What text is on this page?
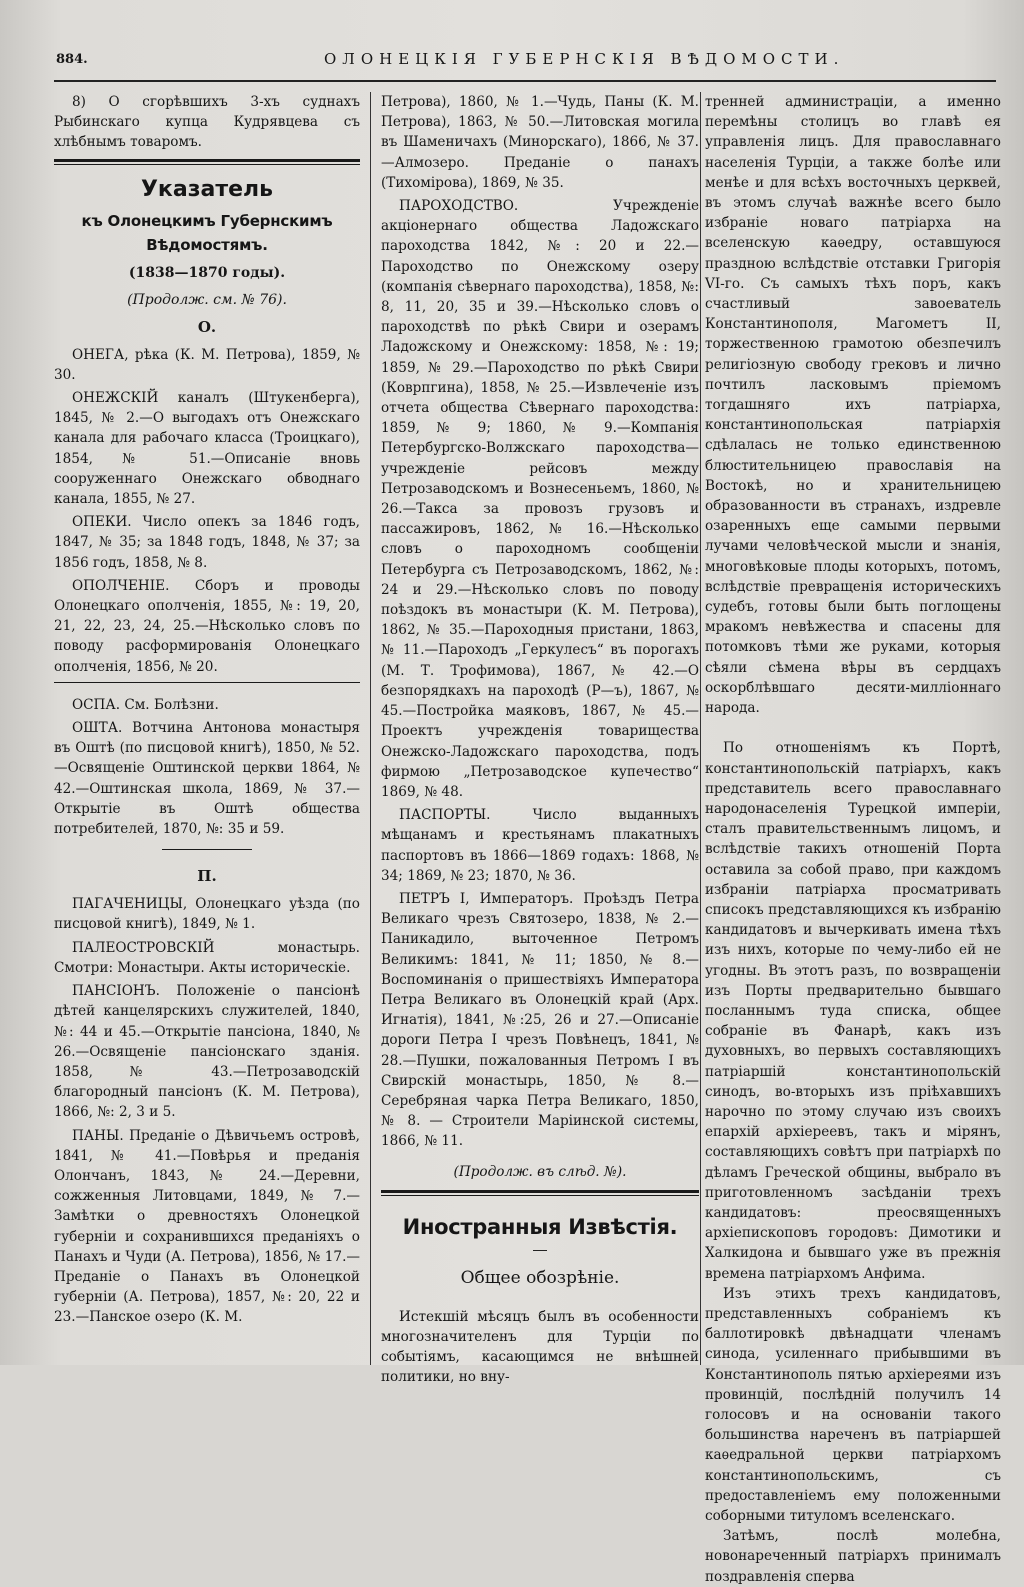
884.	ОЛОНЕЦКІЯ ГУБЕРНСКІЯ ВѢДОМОСТИ.

8) О сгорѣвшихъ 3-хъ суднахъ Рыбинскаго купца Кудрявцева съ хлѣбнымъ товаромъ.

Указатель
къ Олонецкимъ Губернскимъ Вѣдомостямъ.
(1838—1870 годы).
(Продолж. см. № 76).
О.

ОНЕГА, рѣка (К. М. Петрова), 1859, № 30.

ОНЕЖСКІЙ каналъ (Штукенберга), 1845, № 2.—О выгодахъ отъ Онежскаго канала для рабочаго класса (Троицкаго), 1854, № 51.—Описаніе вновь сооруженнаго Онежскаго обводнаго канала, 1855, № 27.

ОПЕКИ. Число опекъ за 1846 годъ, 1847, № 35; за 1848 годъ, 1848, № 37; за 1856 годъ, 1858, № 8.

ОПОЛЧЕНІЕ. Сборъ и проводы Олонецкаго ополченія, 1855, №: 19, 20, 21, 22, 23, 24, 25.—Нѣсколько словъ по поводу расформированія Олонецкаго ополченія, 1856, № 20.

ОСПА. См. Болѣзни.

ОШТА. Вотчина Антонова монастыря въ Оштѣ (по писцовой книгѣ), 1850, № 52.—Освященіе Оштинской церкви 1864, № 42.—Оштинская школа, 1869, № 37.—Открытіе въ Оштѣ общества потребителей, 1870, №: 35 и 59.

П.

ПАГАЧЕНИЦЫ, Олонецкаго уѣзда (по писцовой книгѣ), 1849, № 1.

ПАЛЕОСТРОВСКІЙ монастырь. Смотри: Монастыри. Акты историческіе.

ПАНСІОНЪ. Положеніе о пансіонѣ дѣтей канцелярскихъ служителей, 1840, №: 44 и 45.—Открытіе пансіона, 1840, № 26.—Освященіе пансіонскаго зданія. 1858, № 43.—Петрозаводскій благородный пансіонъ (К. М. Петрова), 1866, №: 2, 3 и 5.

ПАНЫ. Преданіе о Дѣвичьемъ островѣ, 1841, № 41.—Повѣрья и преданія Олончанъ, 1843, № 24.—Деревни, сожженныя Литовцами, 1849, № 7.—Замѣтки о древностяхъ Олонецкой губерніи и сохранившихся преданіяхъ о Панахъ и Чуди (А. Петрова), 1856, № 17.—Преданіе о Панахъ въ Олонецкой губерніи (А. Петрова), 1857, №: 20, 22 и 23.—Панское озеро (К. М.

Петрова), 1860, № 1.—Чудь, Паны (К. М. Петрова), 1863, № 50.—Литовская могила въ Шаменичахъ (Минорскаго), 1866, № 37.—Алмозеро. Преданіе о панахъ (Тихомірова), 1869, № 35.

ПАРОХОДСТВО. Учрежденіе акціонернаго общества Ладожскаго пароходства 1842, №: 20 и 22.—Пароходство по Онежскому озеру (компанія сѣвернаго пароходства), 1858, №: 8, 11, 20, 35 и 39.—Нѣсколько словъ о пароходствѣ по рѣкѣ Свири и озерамъ Ладожскому и Онежскому: 1858, №: 19; 1859, № 29.—Пароходство по рѣкѣ Свири (Коврпгина), 1858, № 25.—Извлеченіе изъ отчета общества Сѣвернаго пароходства: 1859, № 9; 1860, № 9.—Компанія Петербургско-Волжскаго пароходства—учрежденіе рейсовъ между Петрозаводскомъ и Вознесеньемъ, 1860, № 26.—Такса за провозъ грузовъ и пассажировъ, 1862, № 16.—Нѣсколько словъ о пароходномъ сообщеніи Петербурга съ Петрозаводскомъ, 1862, №: 24 и 29.—Нѣсколько словъ по поводу поѣздокъ въ монастыри (К. М. Петрова), 1862, № 35.—Пароходныя пристани, 1863, № 11.—Пароходъ „Геркулесъ“ въ порогахъ (М. Т. Трофимова), 1867, № 42.—О безпорядкахъ на пароходѣ (Р—ъ), 1867, № 45.—Постройка маяковъ, 1867, № 45.—Проектъ учрежденія товарищества Онежско-Ладожскаго пароходства, подъ фирмою „Петрозаводское купечество“ 1869, № 48.

ПАСПОРТЫ. Число выданныхъ мѣщанамъ и крестьянамъ плакатныхъ паспортовъ въ 1866—1869 годахъ: 1868, № 34; 1869, № 23; 1870, № 36.

ПЕТРЪ I, Императоръ. Проѣздъ Петра Великаго чрезъ Святозеро, 1838, № 2.—Паникадило, выточенное Петромъ Великимъ: 1841, № 11; 1850, № 8.—Воспоминанія о пришествіяхъ Императора Петра Великаго въ Олонецкій край (Арх. Игнатія), 1841, №:25, 26 и 27.—Описаніе дороги Петра I чрезъ Повѣнецъ, 1841, № 28.—Пушки, пожалованныя Петромъ I въ Свирскій монастырь, 1850, № 8.—Серебряная чарка Петра Великаго, 1850, № 8. — Строители Маріинской системы, 1866, № 11.

(Продолж. въ слѣд. №).
Иностранныя Извѣстія.
Общее обозрѣніе.

Истекшій мѣсяцъ былъ въ особенности многозначителенъ для Турціи по событіямъ, касающимся не внѣшней политики, но вну-

тренней администраціи, а именно перемѣны столицъ во главѣ ея управленія лицъ. Для православнаго населенія Турціи, а также болѣе или менѣе и для всѣхъ восточныхъ церквей, въ этомъ случаѣ важнѣе всего было избраніе новаго патріарха на вселенскую каѳедру, оставшуюся праздною вслѣдствіе отставки Григорія VI-го. Съ самыхъ тѣхъ поръ, какъ счастливый завоеватель Константинополя, Магометъ II, торжественною грамотою обезпечилъ религіозную свободу грековъ и лично почтилъ ласковымъ пріемомъ тогдашняго ихъ патріарха, константинопольская патріархія сдѣлалась не только единственною блюстительницею православія на Востокѣ, но и хранительницею образованности въ странахъ, издревле озаренныхъ еще самыми первыми лучами человѣческой мысли и знанія, многовѣковые плоды которыхъ, потомъ, вслѣдствіе превращенія историческихъ судебъ, готовы были быть поглощены мракомъ невѣжества и спасены для потомковъ тѣми же руками, которыя сѣяли сѣмена вѣры въ сердцахъ оскорблѣвшаго десяти-милліоннаго народа.

По отношеніямъ къ Портѣ, константинопольскій патріархъ, какъ представитель всего православнаго народонаселенія Турецкой имперіи, сталъ правительственнымъ лицомъ, и вслѣдствіе такихъ отношеній Порта оставила за собой право, при каждомъ избраніи патріарха просматривать списокъ представляющихся къ избранію кандидатовъ и вычеркивать имена тѣхъ изъ нихъ, которые по чему-либо ей не угодны. Въ этотъ разъ, по возвращеніи изъ Порты предварительно бывшаго посланнымъ туда списка, общее собраніе въ Фанарѣ, какъ изъ духовныхъ, во первыхъ составляющихъ патріаршій константинопольскій синодъ, во-вторыхъ изъ пріѣхавшихъ нарочно по этому случаю изъ своихъ епархій архіереевъ, такъ и мірянъ, составляющихъ совѣтъ при патріархѣ по дѣламъ Греческой общины, выбрало въ приготовленномъ засѣданіи трехъ кандидатовъ: преосвященныхъ архіепископовъ городовъ: Димотики и Халкидона и бывшаго уже въ прежнія времена патріархомъ Анфима.

Изъ этихъ трехъ кандидатовъ, представленныхъ собраніемъ къ баллотировкѣ двѣнадцати членамъ синода, усиленнаго прибывшими въ Константинополь пятью архіереями изъ провинцій, послѣдній получилъ 14 голосовъ и на основаніи такого большинства нареченъ въ патріаршей каѳедральной церкви патріархомъ константинопольскимъ, съ предоставленіемъ ему положенными соборными титуломъ вселенскаго.

Затѣмъ, послѣ молебна, новонареченный патріархъ принималъ поздравленія сперва
